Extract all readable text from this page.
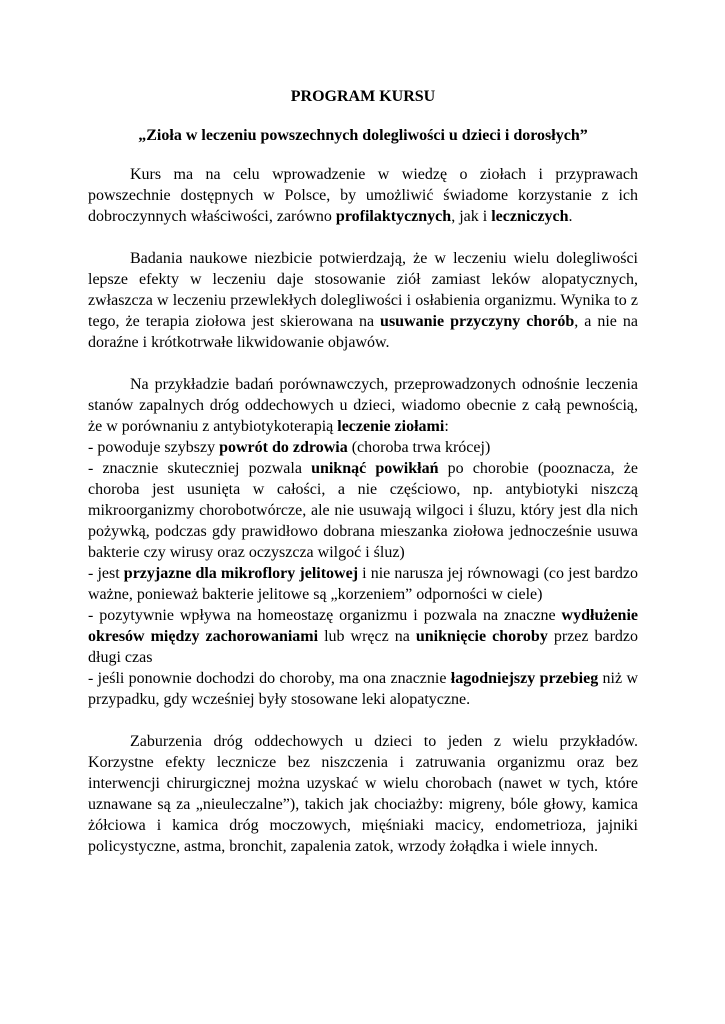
PROGRAM KURSU
„Zioła w leczeniu powszechnych dolegliwości u dzieci i dorosłych”

Kurs ma na celu wprowadzenie w wiedzę o ziołach i przyprawach powszechnie dostępnych w Polsce, by umożliwić świadome korzystanie z ich dobroczynnych właściwości, zarówno profilaktycznych, jak i leczniczych.

Badania naukowe niezbicie potwierdzają, że w leczeniu wielu dolegliwości lepsze efekty w leczeniu daje stosowanie ziół zamiast leków alopatycznych, zwłaszcza w leczeniu przewlekłych dolegliwości i osłabienia organizmu. Wynika to z tego, że terapia ziołowa jest skierowana na usuwanie przyczyny chorób, a nie na doraźne i krótkotrwałe likwidowanie objawów.

Na przykładzie badań porównawczych, przeprowadzonych odnośnie leczenia stanów zapalnych dróg oddechowych u dzieci, wiadomo obecnie z całą pewnością, że w porównaniu z antybiotykoterapią leczenie ziołami:

- powoduje szybszy powrót do zdrowia (choroba trwa krócej)
- znacznie skuteczniej pozwala uniknąć powikłań po chorobie (pooznacza, że choroba jest usunięta w całości, a nie częściowo, np. antybiotyki niszczą mikroorganizmy chorobotwórcze, ale nie usuwają wilgoci i śluzu, który jest dla nich pożywką, podczas gdy prawidłowo dobrana mieszanka ziołowa jednocześnie usuwa bakterie czy wirusy oraz oczyszcza wilgoć i śluz)
- jest przyjazne dla mikroflory jelitowej i nie narusza jej równowagi (co jest bardzo ważne, ponieważ bakterie jelitowe są „korzeniem” odporności w ciele)
- pozytywnie wpływa na homeostazę organizmu i pozwala na znaczne wydłużenie okresów między zachorowaniami lub wręcz na uniknięcie choroby przez bardzo długi czas
- jeśli ponownie dochodzi do choroby, ma ona znacznie łagodniejszy przebieg niż w przypadku, gdy wcześniej były stosowane leki alopatyczne.

Zaburzenia dróg oddechowych u dzieci to jeden z wielu przykładów. Korzystne efekty lecznicze bez niszczenia i zatruwania organizmu oraz bez interwencji chirurgicznej można uzyskać w wielu chorobach (nawet w tych, które uznawane są za „nieuleczalne”), takich jak chociażby: migreny, bóle głowy, kamica żółciowa i kamica dróg moczowych, mięśniaki macicy, endometrioza, jajniki policystyczne, astma, bronchit, zapalenia zatok, wrzody żołądka i wiele innych.
